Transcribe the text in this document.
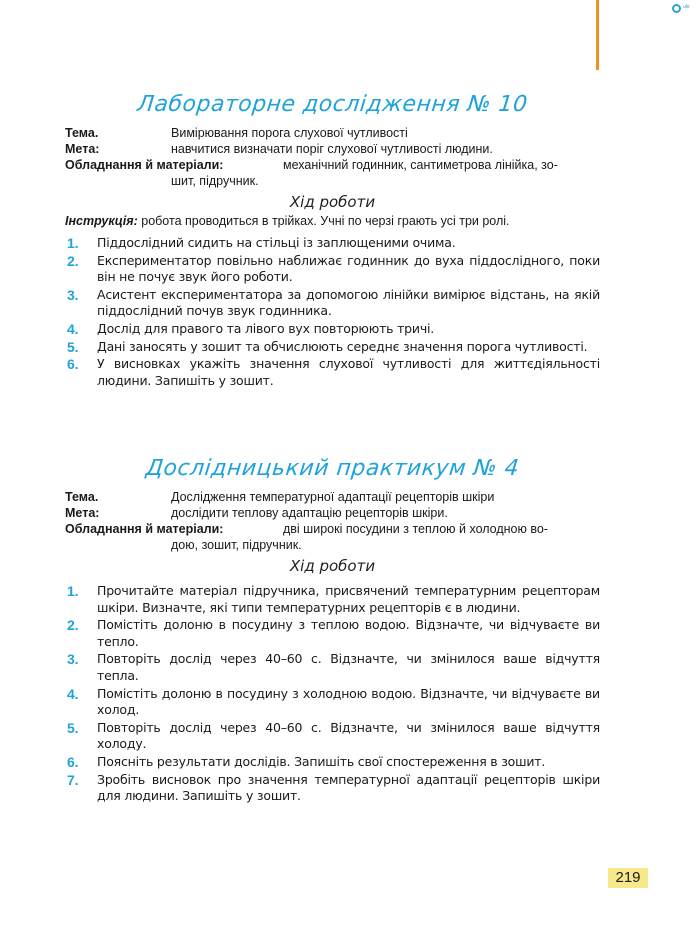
ukr
Лабораторне дослідження № 10
Тема.	Вимірювання порога слухової чутливості
Мета:	навчитися визначати поріг слухової чутливості людини.
Обладнання й матеріали:	механічний годинник, сантиметрова лінійка, зо-
шит, підручник.
Хід роботи

Інструкція: робота проводиться в трійках. Учні по черзі грають усі три ролі.

1. Піддослідний сидить на стільці із заплющеними очима.
2. Експериментатор повільно наближає годинник до вуха піддослідного, поки він не почує звук його роботи.
3. Асистент експериментатора за допомогою лінійки вимірює відстань, на якій піддослідний почув звук годинника.
4. Дослід для правого та лівого вух повторюють тричі.
5. Дані заносять у зошит та обчислюють середнє значення порога чутливості.
6. У висновках укажіть значення слухової чутливості для життєдіяльності людини. Запишіть у зошит.
Дослідницький практикум № 4
Тема.	Дослідження температурної адаптації рецепторів шкіри
Мета:	дослідити теплову адаптацію рецепторів шкіри.
Обладнання й матеріали:	дві широкі посудини з теплою й холодною во-
дою, зошит, підручник.
Хід роботи
1. Прочитайте матеріал підручника, присвячений температурним рецепторам шкіри. Визначте, які типи температурних рецепторів є в людини.
2. Помістіть долоню в посудину з теплою водою. Відзначте, чи відчуваєте ви тепло.
3. Повторіть дослід через 40–60 с. Відзначте, чи змінилося ваше відчуття тепла.
4. Помістіть долоню в посудину з холодною водою. Відзначте, чи відчуваєте ви холод.
5. Повторіть дослід через 40–60 с. Відзначте, чи змінилося ваше відчуття холоду.
6. Поясніть результати дослідів. Запишіть свої спостереження в зошит.
7. Зробіть висновок про значення температурної адаптації рецепторів шкіри для людини. Запишіть у зошит.
219
